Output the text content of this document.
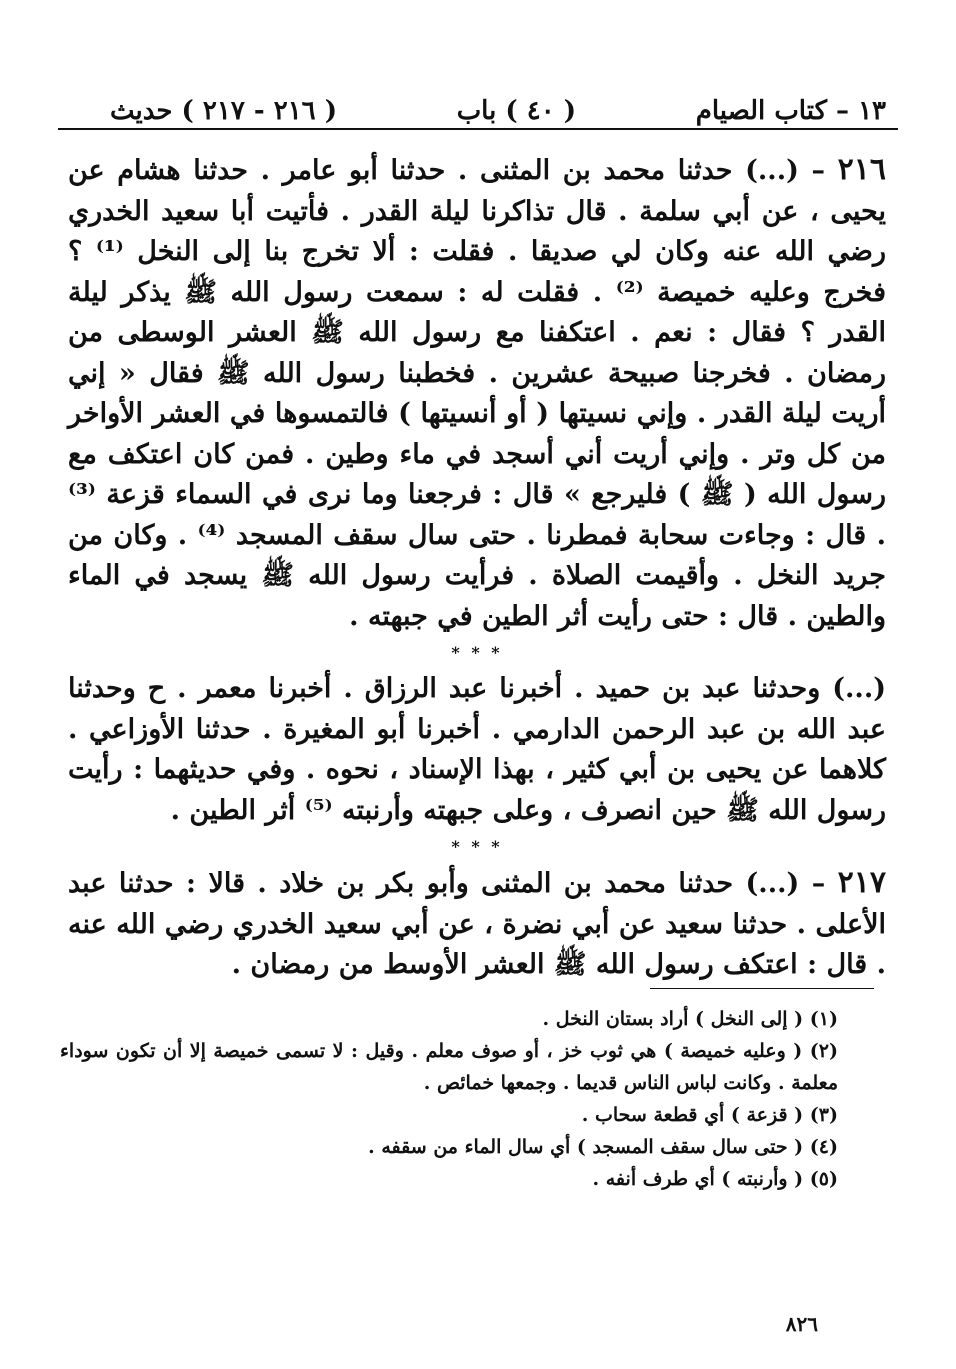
١٣ – كتاب الصيام
( ٤٠ ) باب
( ٢١٦ - ٢١٧ ) حديث

٢١٦ – (...) حدثنا محمد بن المثنى . حدثنا أبو عامر . حدثنا هشام عن يحيى ، عن أبي سلمة . قال تذاكرنا ليلة القدر . فأتيت أبا سعيد الخدري رضي الله عنه وكان لي صديقا . فقلت : ألا تخرج بنا إلى النخل ⁽¹⁾ ؟ فخرج وعليه خميصة ⁽²⁾ . فقلت له : سمعت رسول الله ﷺ يذكر ليلة القدر ؟ فقال : نعم . اعتكفنا مع رسول الله ﷺ العشر الوسطى من رمضان . فخرجنا صبيحة عشرين . فخطبنا رسول الله ﷺ فقال « إني أريت ليلة القدر . وإني نسيتها ( أو أنسيتها ) فالتمسوها في العشر الأواخر من كل وتر . وإني أريت أني أسجد في ماء وطين . فمن كان اعتكف مع رسول الله ( ﷺ ) فليرجع » قال : فرجعنا وما نرى في السماء قزعة ⁽³⁾ . قال : وجاءت سحابة فمطرنا . حتى سال سقف المسجد ⁽⁴⁾ . وكان من جريد النخل . وأقيمت الصلاة . فرأيت رسول الله ﷺ يسجد في الماء والطين . قال : حتى رأيت أثر الطين في جبهته .

* * *

(...) وحدثنا عبد بن حميد . أخبرنا عبد الرزاق . أخبرنا معمر . ح وحدثنا عبد الله بن عبد الرحمن الدارمي . أخبرنا أبو المغيرة . حدثنا الأوزاعي . كلاهما عن يحيى بن أبي كثير ، بهذا الإسناد ، نحوه . وفي حديثهما : رأيت رسول الله ﷺ حين انصرف ، وعلى جبهته وأرنبته ⁽⁵⁾ أثر الطين .

* * *

٢١٧ – (...) حدثنا محمد بن المثنى وأبو بكر بن خلاد . قالا : حدثنا عبد الأعلى . حدثنا سعيد عن أبي نضرة ، عن أبي سعيد الخدري رضي الله عنه . قال : اعتكف رسول الله ﷺ العشر الأوسط من رمضان .

(١) ( إلى النخل ) أراد بستان النخل .

(٢) ( وعليه خميصة ) هي ثوب خز ، أو صوف معلم . وقيل : لا تسمى خميصة إلا أن تكون سوداء معلمة . وكانت لباس الناس قديما . وجمعها خمائص .

(٣) ( قزعة ) أي قطعة سحاب .

(٤) ( حتى سال سقف المسجد ) أي سال الماء من سقفه .

(٥) ( وأرنبته ) أي طرف أنفه .

٨٢٦
